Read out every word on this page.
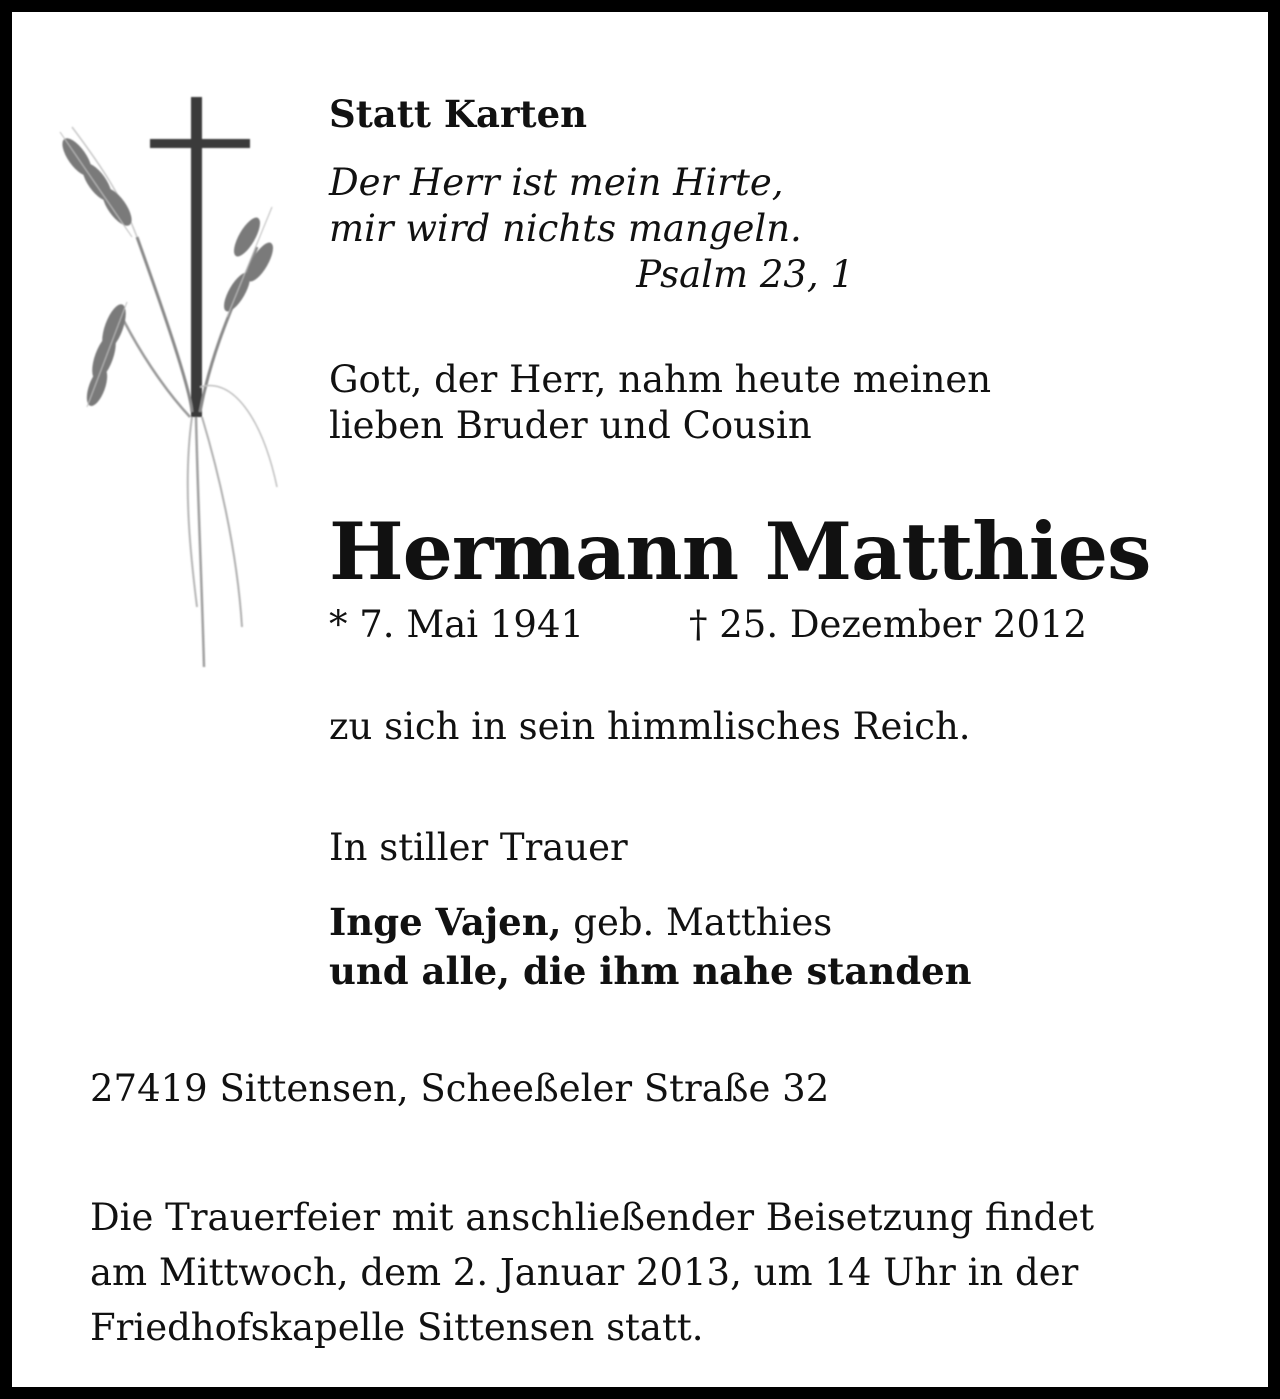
Statt Karten

Der Herr ist mein Hirte,
mir wird nichts mangeln.
Psalm 23, 1

Gott, der Herr, nahm heute meinen
lieben Bruder und Cousin

Hermann Matthies

* 7. Mai 1941	† 25. Dezember 2012

zu sich in sein himmlisches Reich.

In stiller Trauer

Inge Vajen, geb. Matthies
und alle, die ihm nahe standen

27419 Sittensen, Scheeßeler Straße 32

Die Trauerfeier mit anschließender Beisetzung findet
am Mittwoch, dem 2. Januar 2013, um 14 Uhr in der
Friedhofskapelle Sittensen statt.
